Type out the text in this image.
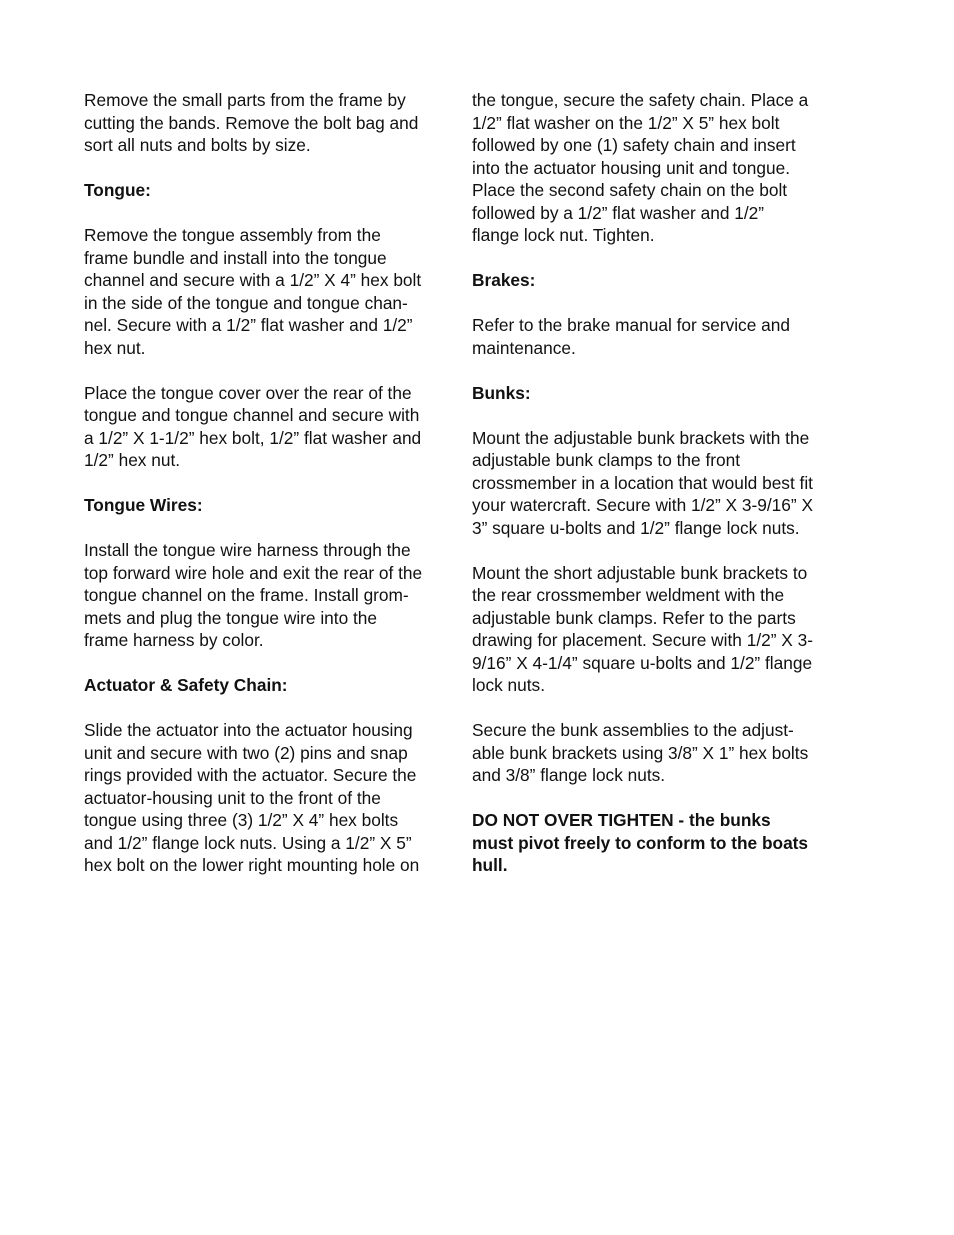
Remove the small parts from the frame by
cutting the bands. Remove the bolt bag and
sort all nuts and bolts by size.
Tongue:
Remove the tongue assembly from the
frame bundle and install into the tongue
channel and secure with a 1/2” X 4” hex bolt
in the side of the tongue and tongue chan-
nel. Secure with a 1/2” flat washer and 1/2”
hex nut.
Place the tongue cover over the rear of the
tongue and tongue channel and secure with
a 1/2” X 1-1/2” hex bolt, 1/2” flat washer and
1/2” hex nut.
Tongue Wires:
Install the tongue wire harness through the
top forward wire hole and exit the rear of the
tongue channel on the frame. Install grom-
mets and plug the tongue wire into the
frame harness by color.
Actuator & Safety Chain:
Slide the actuator into the actuator housing
unit and secure with two (2) pins and snap
rings provided with the actuator. Secure the
actuator-housing unit to the front of the
tongue using three (3) 1/2” X 4” hex bolts
and 1/2” flange lock nuts. Using a 1/2” X 5”
hex bolt on the lower right mounting hole on
the tongue, secure the safety chain. Place a
1/2” flat washer on the 1/2” X 5” hex bolt
followed by one (1) safety chain and insert
into the actuator housing unit and tongue.
Place the second safety chain on the bolt
followed by a 1/2” flat washer and 1/2”
flange lock nut. Tighten.
Brakes:
Refer to the brake manual for service and
maintenance.
Bunks:
Mount the adjustable bunk brackets with the
adjustable bunk clamps to the front
crossmember in a location that would best fit
your watercraft. Secure with 1/2” X 3-9/16” X
3” square u-bolts and 1/2” flange lock nuts.
Mount the short adjustable bunk brackets to
the rear crossmember weldment with the
adjustable bunk clamps. Refer to the parts
drawing for placement. Secure with 1/2” X 3-
9/16” X 4-1/4” square u-bolts and 1/2” flange
lock nuts.
Secure the bunk assemblies to the adjust-
able bunk brackets using 3/8” X 1” hex bolts
and 3/8” flange lock nuts.
DO NOT OVER TIGHTEN - the bunks
must pivot freely to conform to the boats
hull.
